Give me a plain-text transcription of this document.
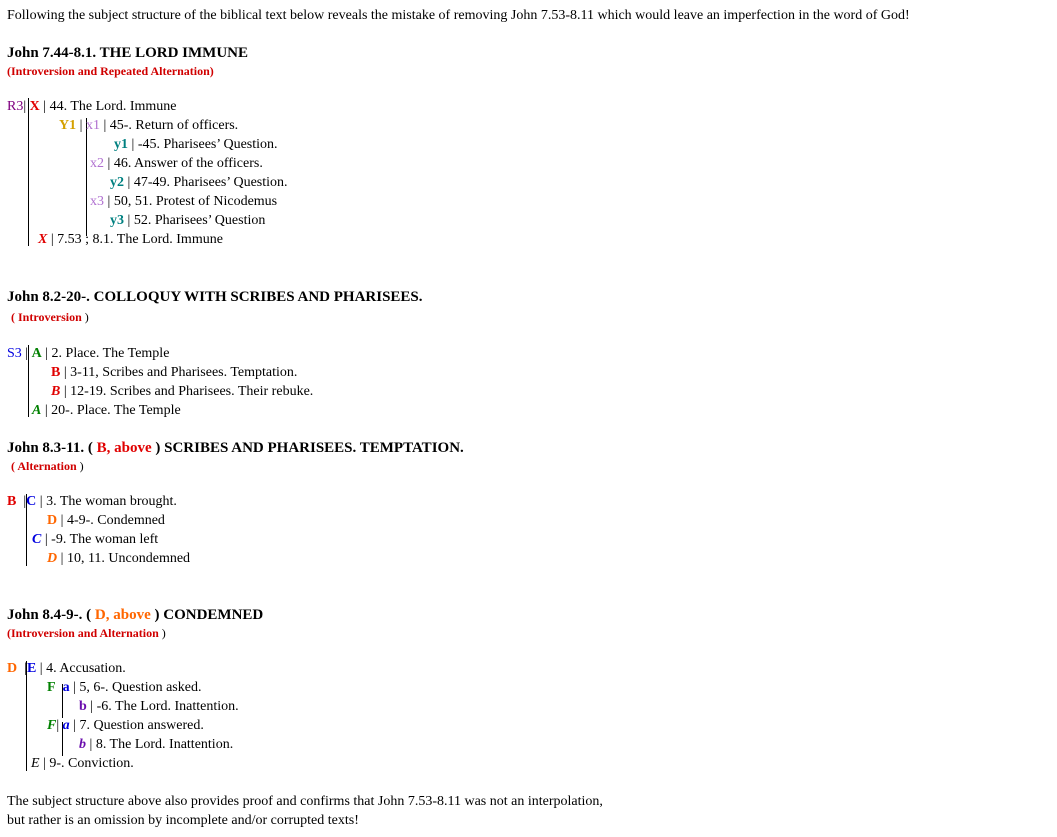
Following the subject structure of the biblical text below reveals the mistake of removing John 7.53-8.11 which would leave an imperfection in the word of God!
John 7.44-8.1. THE LORD IMMUNE
(Introversion and Repeated Alternation)
R3| X | 44. The Lord. Immune
Y1 | x1 | 45-. Return of officers.
y1 | -45. Pharisees’ Question.
x2 | 46. Answer of the officers.
y2 | 47-49. Pharisees’ Question.
x3 | 50, 51. Protest of Nicodemus
y3 | 52. Pharisees’ Question
X | 7.53 ; 8.1. The Lord. Immune
John 8.2-20-. COLLOQUY WITH SCRIBES AND PHARISEES.
( Introversion )
S3 | A | 2. Place. The Temple
B | 3-11, Scribes and Pharisees. Temptation.
B | 12-19. Scribes and Pharisees. Their rebuke.
A | 20-. Place. The Temple
John 8.3-11. ( B, above ) SCRIBES AND PHARISEES. TEMPTATION.
( Alternation )
B  |C | 3. The woman brought.
D | 4-9-. Condemned
C | -9. The woman left
D | 10, 11. Uncondemned
John 8.4-9-. ( D, above ) CONDEMNED
(Introversion and Alternation )
D  |E | 4. Accusation.
F a | 5, 6-. Question asked.
b | -6. The Lord. Inattention.
F| a | 7. Question answered.
b | 8. The Lord. Inattention.
E | 9-. Conviction.
The subject structure above also provides proof and confirms that John 7.53-8.11 was not an interpolation,
but rather is an omission by incomplete and/or corrupted texts!
